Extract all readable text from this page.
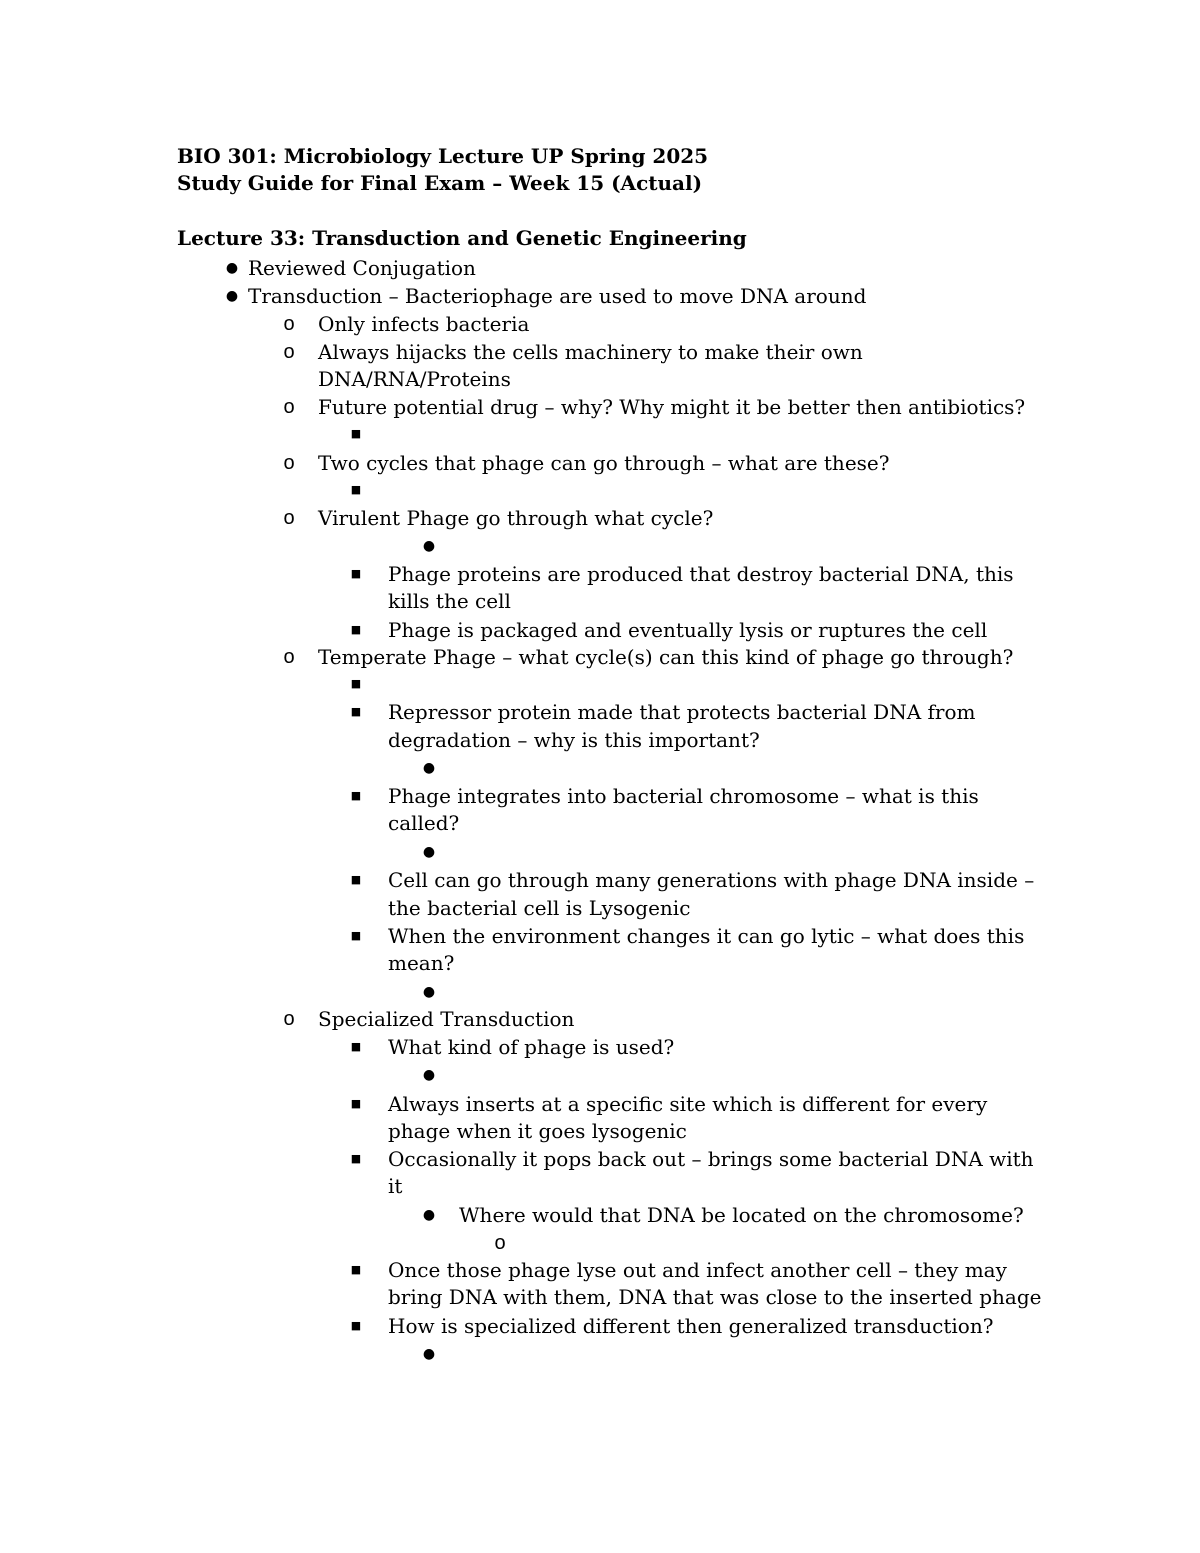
BIO 301: Microbiology Lecture UP Spring 2025
Study Guide for Final Exam – Week 15 (Actual)
Lecture 33: Transduction and Genetic Engineering
● Reviewed Conjugation
● Transduction – Bacteriophage are used to move DNA around
o Only infects bacteria
o Always hijacks the cells machinery to make their own
DNA/RNA/Proteins
o Future potential drug – why? Why might it be better then antibiotics?
■
o Two cycles that phage can go through – what are these?
■
o Virulent Phage go through what cycle?
●
■ Phage proteins are produced that destroy bacterial DNA, this
kills the cell
■ Phage is packaged and eventually lysis or ruptures the cell
o Temperate Phage – what cycle(s) can this kind of phage go through?
■
■ Repressor protein made that protects bacterial DNA from
degradation – why is this important?
●
■ Phage integrates into bacterial chromosome – what is this
called?
●
■ Cell can go through many generations with phage DNA inside –
the bacterial cell is Lysogenic
■ When the environment changes it can go lytic – what does this
mean?
●
o Specialized Transduction
■ What kind of phage is used?
●
■ Always inserts at a specific site which is different for every
phage when it goes lysogenic
■ Occasionally it pops back out – brings some bacterial DNA with
it
● Where would that DNA be located on the chromosome?
o
■ Once those phage lyse out and infect another cell – they may
bring DNA with them, DNA that was close to the inserted phage
■ How is specialized different then generalized transduction?
●
